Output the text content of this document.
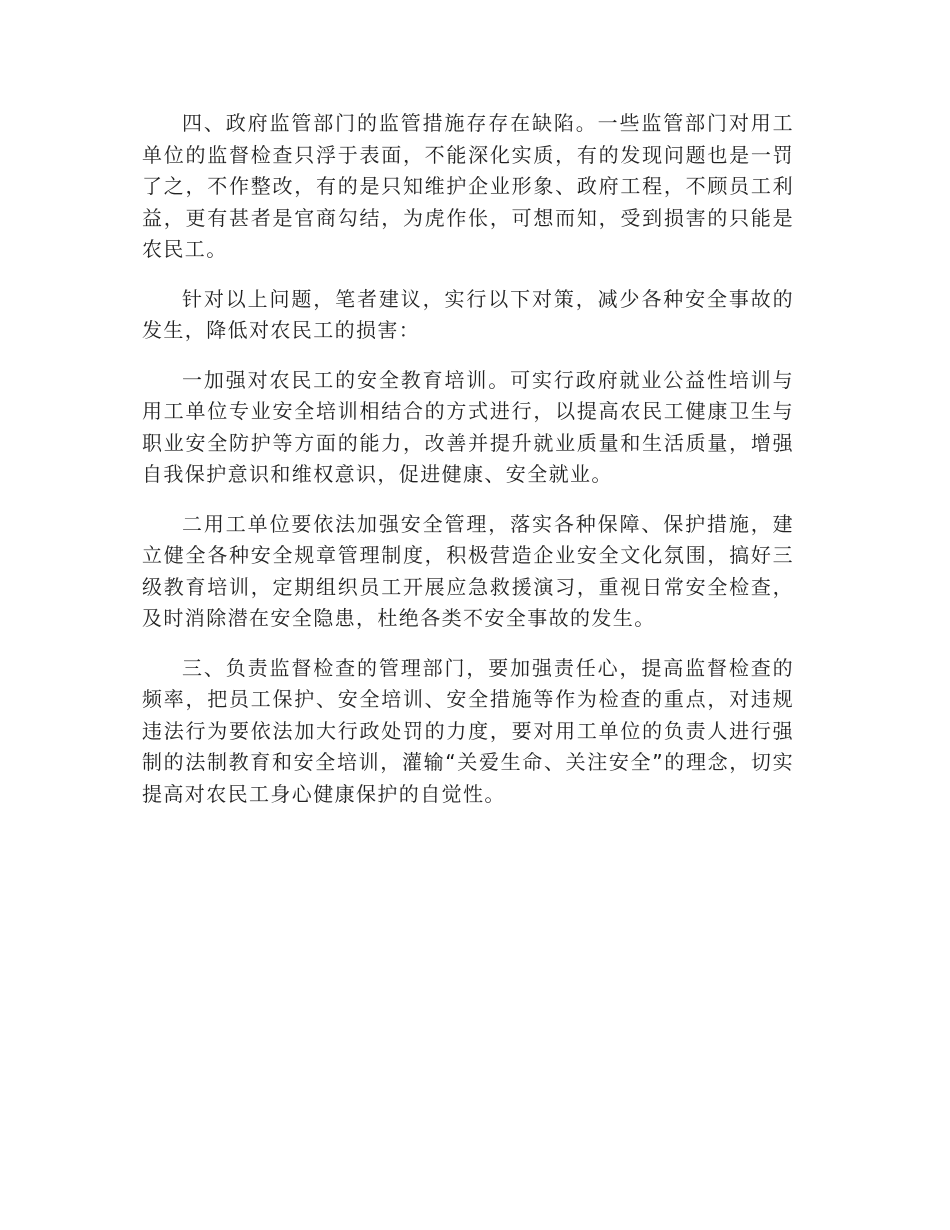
四、政府监管部门的监管措施存存在缺陷。一些监管部门对用工单位的监督检查只浮于表面，不能深化实质，有的发现问题也是一罚了之，不作整改，有的是只知维护企业形象、政府工程，不顾员工利益，更有甚者是官商勾结，为虎作伥，可想而知，受到损害的只能是农民工。

针对以上问题，笔者建议，实行以下对策，减少各种安全事故的发生，降低对农民工的损害：

一加强对农民工的安全教育培训。可实行政府就业公益性培训与用工单位专业安全培训相结合的方式进行，以提高农民工健康卫生与职业安全防护等方面的能力，改善并提升就业质量和生活质量，增强自我保护意识和维权意识，促进健康、安全就业。

二用工单位要依法加强安全管理，落实各种保障、保护措施，建立健全各种安全规章管理制度，积极营造企业安全文化氛围，搞好三级教育培训，定期组织员工开展应急救援演习，重视日常安全检查，及时消除潜在安全隐患，杜绝各类不安全事故的发生。

三、负责监督检查的管理部门，要加强责任心，提高监督检查的频率，把员工保护、安全培训、安全措施等作为检查的重点，对违规违法行为要依法加大行政处罚的力度，要对用工单位的负责人进行强制的法制教育和安全培训，灌输“关爱生命、关注安全”的理念，切实提高对农民工身心健康保护的自觉性。
